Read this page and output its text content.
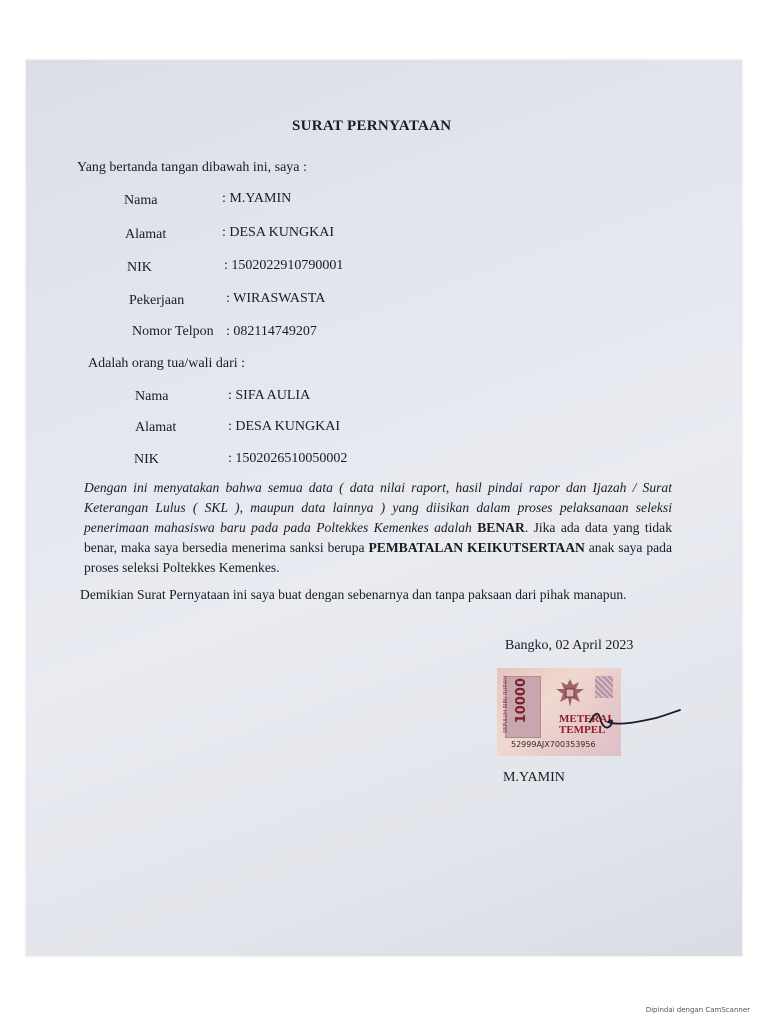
SURAT PERNYATAAN
Yang bertanda tangan dibawah ini, saya :
Nama	: M.YAMIN
Alamat	: DESA KUNGKAI
NIK	: 1502022910790001
Pekerjaan	: WIRASWASTA
Nomor Telpon : 082114749207
Adalah orang tua/wali dari :
Nama	: SIFA AULIA
Alamat	: DESA KUNGKAI
NIK	: 1502026510050002
Dengan ini menyatakan bahwa semua data ( data nilai raport, hasil pindai rapor dan Ijazah / Surat Keterangan Lulus ( SKL ), maupun data lainnya ) yang diisikan dalam proses pelaksanaan seleksi penerimaan mahasiswa baru pada pada Poltekkes Kemenkes adalah BENAR. Jika ada data yang tidak benar, maka saya bersedia menerima sanksi berupa PEMBATALAN KEIKUTSERTAAN anak saya pada proses seleksi Poltekkes Kemenkes.
Demikian Surat Pernyataan ini saya buat dengan sebenarnya dan tanpa paksaan dari pihak manapun.
Bangko, 02 April 2023
SEPULUH RIBU RUPIAH 10000	METERAI TEMPEL
52999AJX700353956
M.YAMIN
Dipindai dengan CamScanner
